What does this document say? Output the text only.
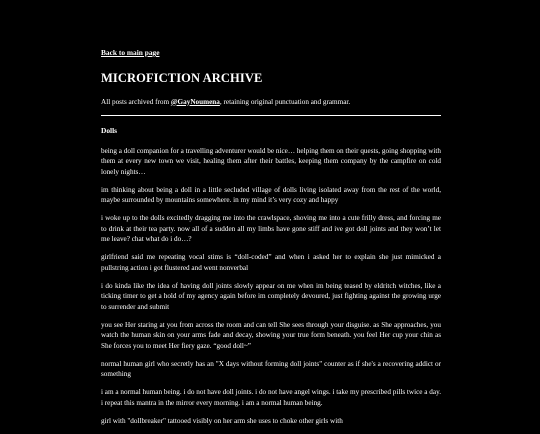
Back to main page
MICROFICTION ARCHIVE

All posts archived from @GayNoumena, retaining original punctuation and grammar.

Dolls

being a doll companion for a travelling adventurer would be nice… helping them on their quests, going shopping with them at every new town we visit, healing them after their battles, keeping them company by the campfire on cold lonely nights…

im thinking about being a doll in a little secluded village of dolls living isolated away from the rest of the world, maybe surrounded by mountains somewhere. in my mind it’s very cozy and happy

i woke up to the dolls excitedly dragging me into the crawlspace, shoving me into a cute frilly dress, and forcing me to drink at their tea party. now all of a sudden all my limbs have gone stiff and ive got doll joints and they won’t let me leave? chat what do i do…?

girlfriend said me repeating vocal stims is “doll-coded” and when i asked her to explain she just mimicked a pullstring action i got flustered and went nonverbal

i do kinda like the idea of having doll joints slowly appear on me when im being teased by eldritch witches, like a ticking timer to get a hold of my agency again before im completely devoured, just fighting against the growing urge to surrender and submit

you see Her staring at you from across the room and can tell She sees through your disguise. as She approaches, you watch the human skin on your arms fade and decay, showing your true form beneath. you feel Her cup your chin as She forces you to meet Her fiery gaze. “good doll~”

normal human girl who secretly has an "X days without forming doll joints" counter as if she's a recovering addict or something

i am a normal human being. i do not have doll joints. i do not have angel wings. i take my prescribed pills twice a day. i repeat this mantra in the mirror every morning. i am a normal human being.

girl with "dollbreaker" tattooed visibly on her arm she uses to choke other girls with
